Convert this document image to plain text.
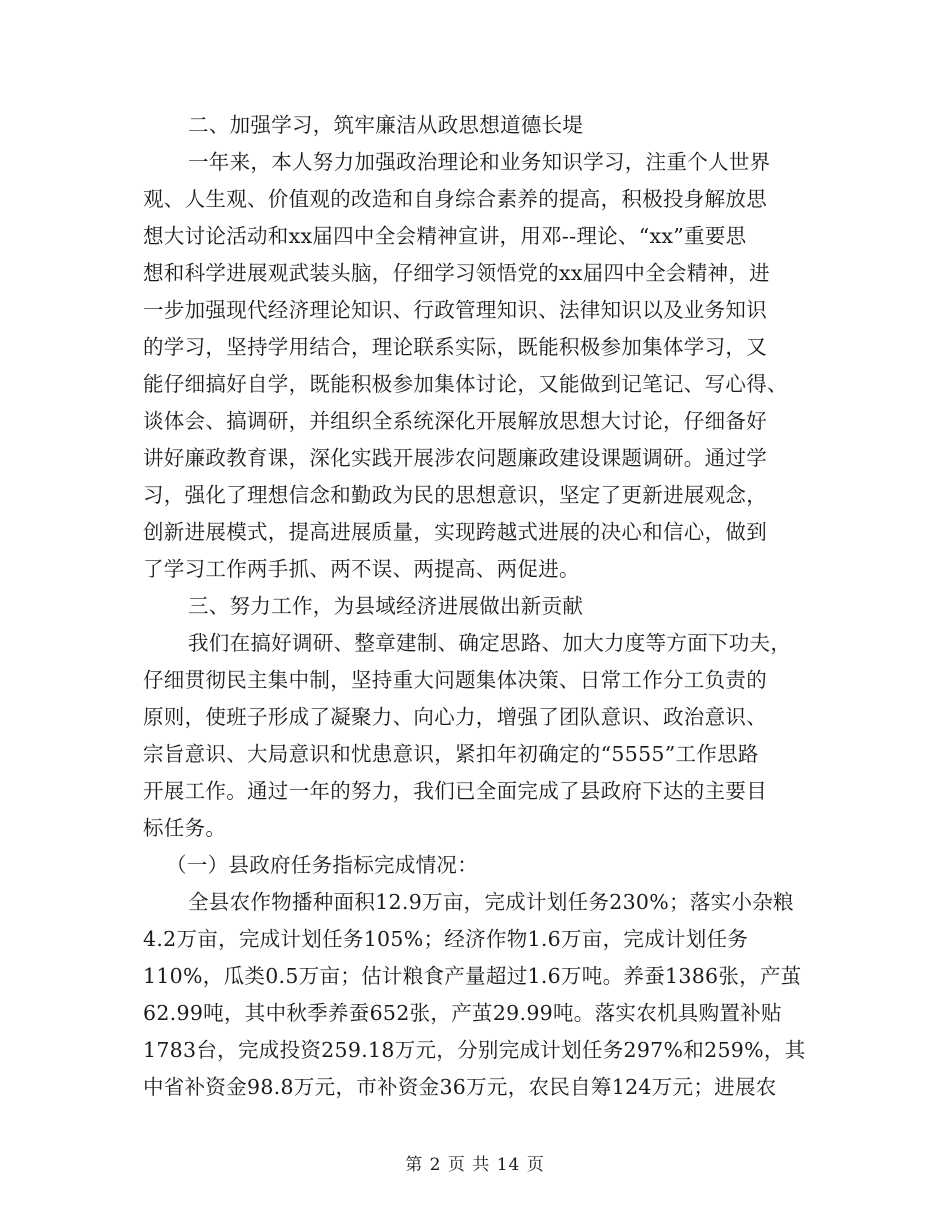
二、加强学习，筑牢廉洁从政思想道德长堤
一年来，本人努力加强政治理论和业务知识学习，注重个人世界
观、人生观、价值观的改造和自身综合素养的提高，积极投身解放思
想大讨论活动和xx届四中全会精神宣讲，用邓--理论、“xx”重要思
想和科学进展观武装头脑，仔细学习领悟党的xx届四中全会精神，进
一步加强现代经济理论知识、行政管理知识、法律知识以及业务知识
的学习，坚持学用结合，理论联系实际，既能积极参加集体学习，又
能仔细搞好自学，既能积极参加集体讨论，又能做到记笔记、写心得、
谈体会、搞调研，并组织全系统深化开展解放思想大讨论，仔细备好
讲好廉政教育课，深化实践开展涉农问题廉政建设课题调研。通过学
习，强化了理想信念和勤政为民的思想意识，坚定了更新进展观念，
创新进展模式，提高进展质量，实现跨越式进展的决心和信心，做到
了学习工作两手抓、两不误、两提高、两促进。
三、努力工作，为县域经济进展做出新贡献
我们在搞好调研、整章建制、确定思路、加大力度等方面下功夫，
仔细贯彻民主集中制，坚持重大问题集体决策、日常工作分工负责的
原则，使班子形成了凝聚力、向心力，增强了团队意识、政治意识、
宗旨意识、大局意识和忧患意识，紧扣年初确定的“5555”工作思路
开展工作。通过一年的努力，我们已全面完成了县政府下达的主要目
标任务。
（一）县政府任务指标完成情况：
全县农作物播种面积12.9万亩，完成计划任务230%；落实小杂粮
4.2万亩，完成计划任务105%；经济作物1.6万亩，完成计划任务
110%，瓜类0.5万亩；估计粮食产量超过1.6万吨。养蚕1386张，产茧
62.99吨，其中秋季养蚕652张，产茧29.99吨。落实农机具购置补贴
1783台，完成投资259.18万元，分别完成计划任务297%和259%，其
中省补资金98.8万元，市补资金36万元，农民自筹124万元；进展农
第 2 页 共 14 页
